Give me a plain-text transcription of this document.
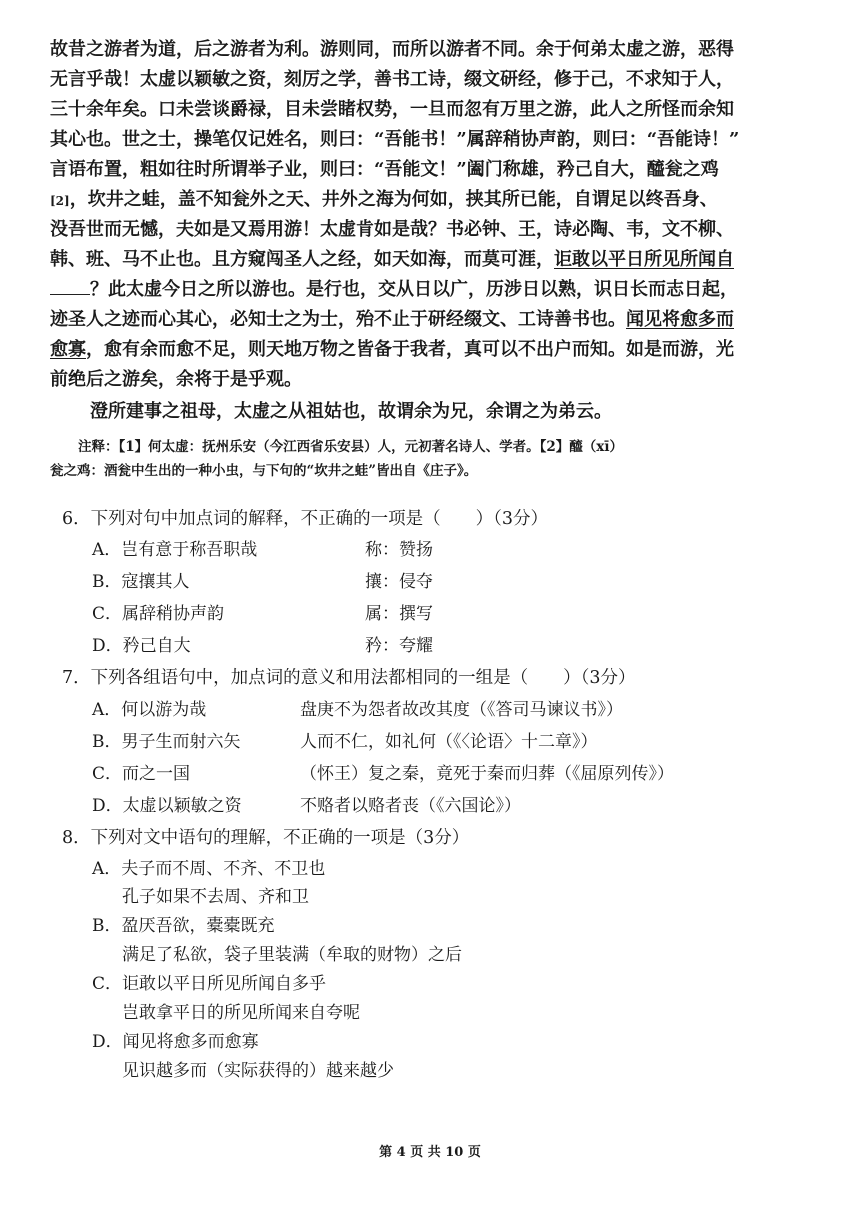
故昔之游者为道，后之游者为利。游则同，而所以游者不同。余于何弟太虚之游，恶得

无言乎哉！太虚以颖敏之资，刻厉之学，善书工诗，缀文研经，修于己，不求知于人，

三十余年矣。口未尝谈爵禄，目未尝睹权势，一旦而忽有万里之游，此人之所怪而余知

其心也。世之士，操笔仅记姓名，则曰：“吾能书！”属辞稍协声韵，则曰：“吾能诗！”

言语布置，粗如往时所谓举子业，则曰：“吾能文！”阖门称雄，矜己自大，醯瓮之鸡

[2]，坎井之蛙，盖不知瓮外之天、井外之海为何如，挟其所已能，自谓足以终吾身、

没吾世而无憾，夫如是又焉用游！太虚肯如是哉？书必钟、王，诗必陶、韦，文不柳、

韩、班、马不止也。且方窥闯圣人之经，如天如海，而莫可涯，讵敢以平日所见所闻自

？此太虚今日之所以游也。是行也，交从日以广，历涉日以熟，识日长而志日起，

迹圣人之迹而心其心，必知士之为士，殆不止于研经缀文、工诗善书也。闻见将愈多而

愈寡，愈有余而愈不足，则天地万物之皆备于我者，真可以不出户而知。如是而游，光

前绝后之游矣，余将于是乎观。

澄所建事之祖母，太虚之从祖姑也，故谓余为兄，余谓之为弟云。

注释：【1】何太虚：抚州乐安（今江西省乐安县）人，元初著名诗人、学者。【2】醯（xī）
瓮之鸡：酒瓮中生出的一种小虫，与下句的“坎井之蛙”皆出自《庄子》。
6．下列对句中加点词的解释，不正确的一项是（　　）（3分）
A．岂有意于称吾职哉	称：赞扬
B．寇攘其人	攘：侵夺
C．属辞稍协声韵	属：撰写
D．矜己自大	矜：夸耀
7．下列各组语句中，加点词的意义和用法都相同的一组是（　　）（3分）
A．何以游为哉	盘庚不为怨者故改其度（《答司马谏议书》）
B．男子生而射六矢	人而不仁，如礼何（《〈论语〉十二章》）
C．而之一国	（怀王）复之秦，竟死于秦而归葬（《屈原列传》）
D．太虚以颖敏之资	不赂者以赂者丧（《六国论》）
8．下列对文中语句的理解，不正确的一项是（3分）
A．夫子而不周、不齐、不卫也
孔子如果不去周、齐和卫
B．盈厌吾欲，橐橐既充
满足了私欲，袋子里装满（牟取的财物）之后
C．讵敢以平日所见所闻自多乎
岂敢拿平日的所见所闻来自夸呢
D．闻见将愈多而愈寡
见识越多而（实际获得的）越来越少
第 4 页 共 10 页
